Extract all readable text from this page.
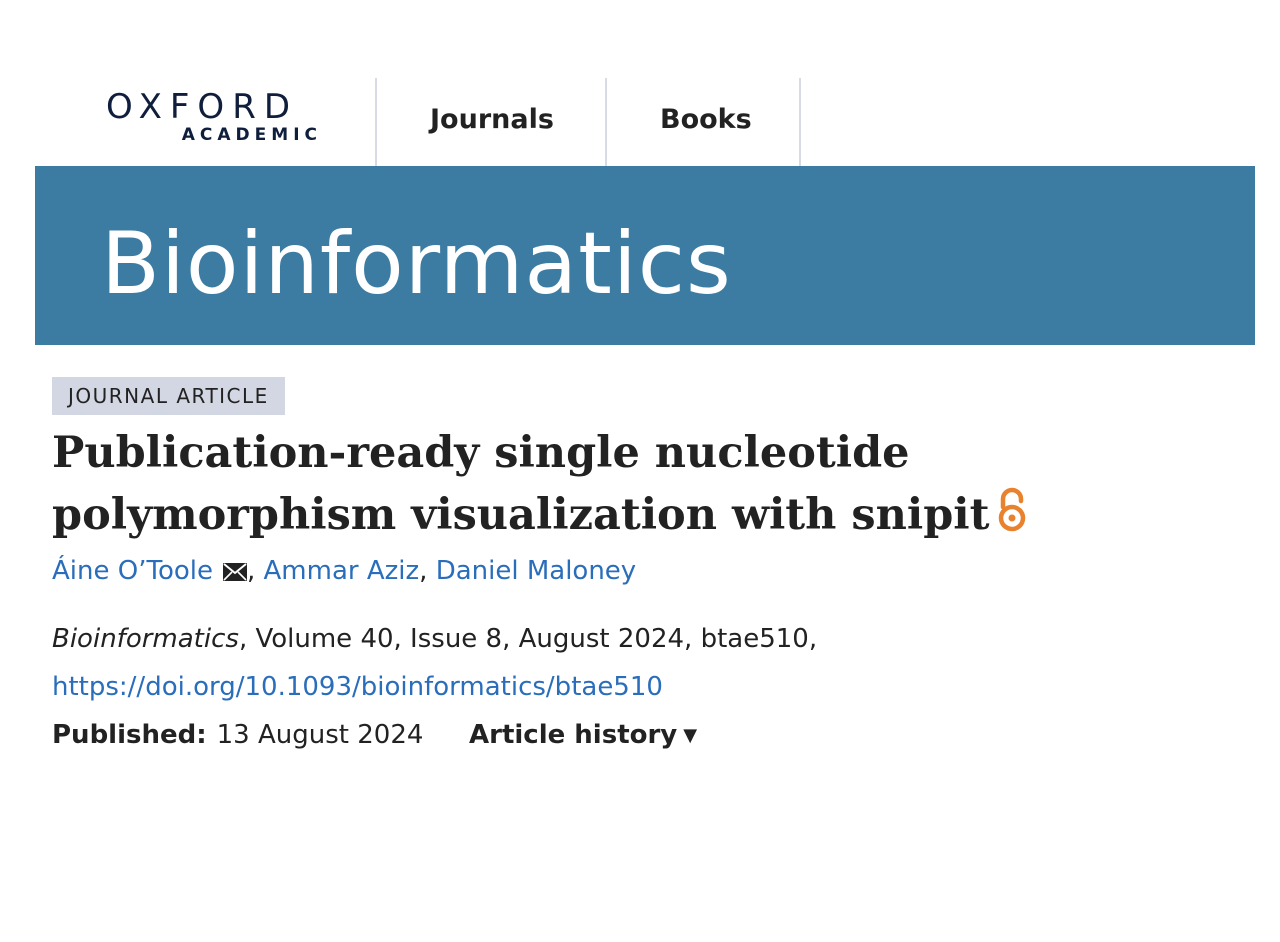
OXFORD
ACADEMIC	Journals	Books
Bioinformatics
JOURNAL ARTICLE
Publication-ready single nucleotide polymorphism visualization with snipit
Áine O’Toole , Ammar Aziz, Daniel Maloney
Bioinformatics, Volume 40, Issue 8, August 2024, btae510,
https://doi.org/10.1093/bioinformatics/btae510
Published: 13 August 2024 Article history ▼
